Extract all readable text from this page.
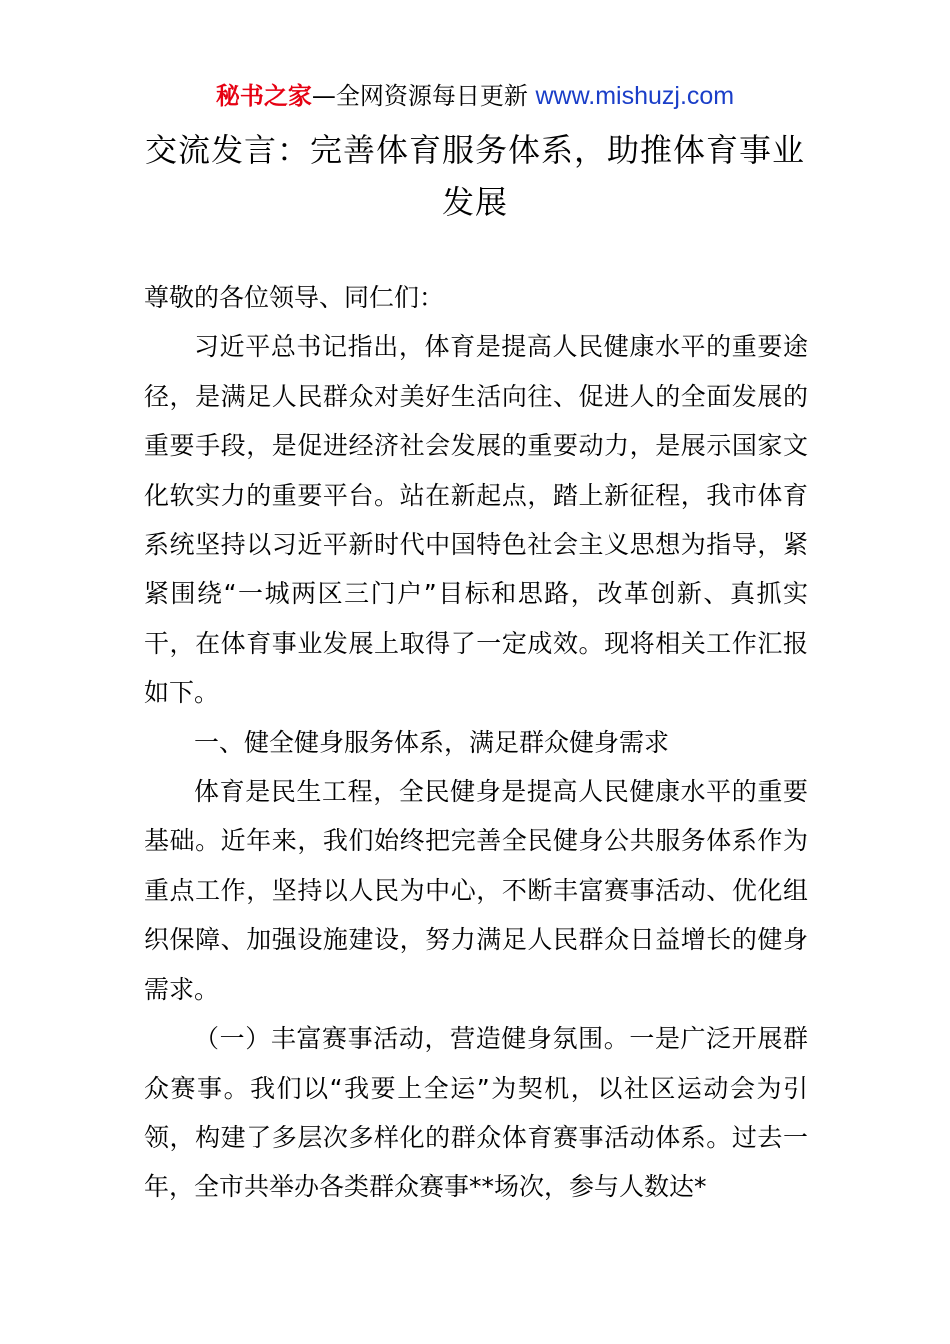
秘书之家—全网资源每日更新 www.mishuzj.com
交流发言：完善体育服务体系，助推体育事业发展

尊敬的各位领导、同仁们：

习近平总书记指出，体育是提高人民健康水平的重要途径，是满足人民群众对美好生活向往、促进人的全面发展的重要手段，是促进经济社会发展的重要动力，是展示国家文化软实力的重要平台。站在新起点，踏上新征程，我市体育系统坚持以习近平新时代中国特色社会主义思想为指导，紧紧围绕“一城两区三门户”目标和思路，改革创新、真抓实干，在体育事业发展上取得了一定成效。现将相关工作汇报如下。

一、健全健身服务体系，满足群众健身需求

体育是民生工程，全民健身是提高人民健康水平的重要基础。近年来，我们始终把完善全民健身公共服务体系作为重点工作，坚持以人民为中心，不断丰富赛事活动、优化组织保障、加强设施建设，努力满足人民群众日益增长的健身需求。

（一）丰富赛事活动，营造健身氛围。一是广泛开展群众赛事。我们以“我要上全运”为契机，以社区运动会为引领，构建了多层次多样化的群众体育赛事活动体系。过去一年，全市共举办各类群众赛事**场次，参与人数达*
